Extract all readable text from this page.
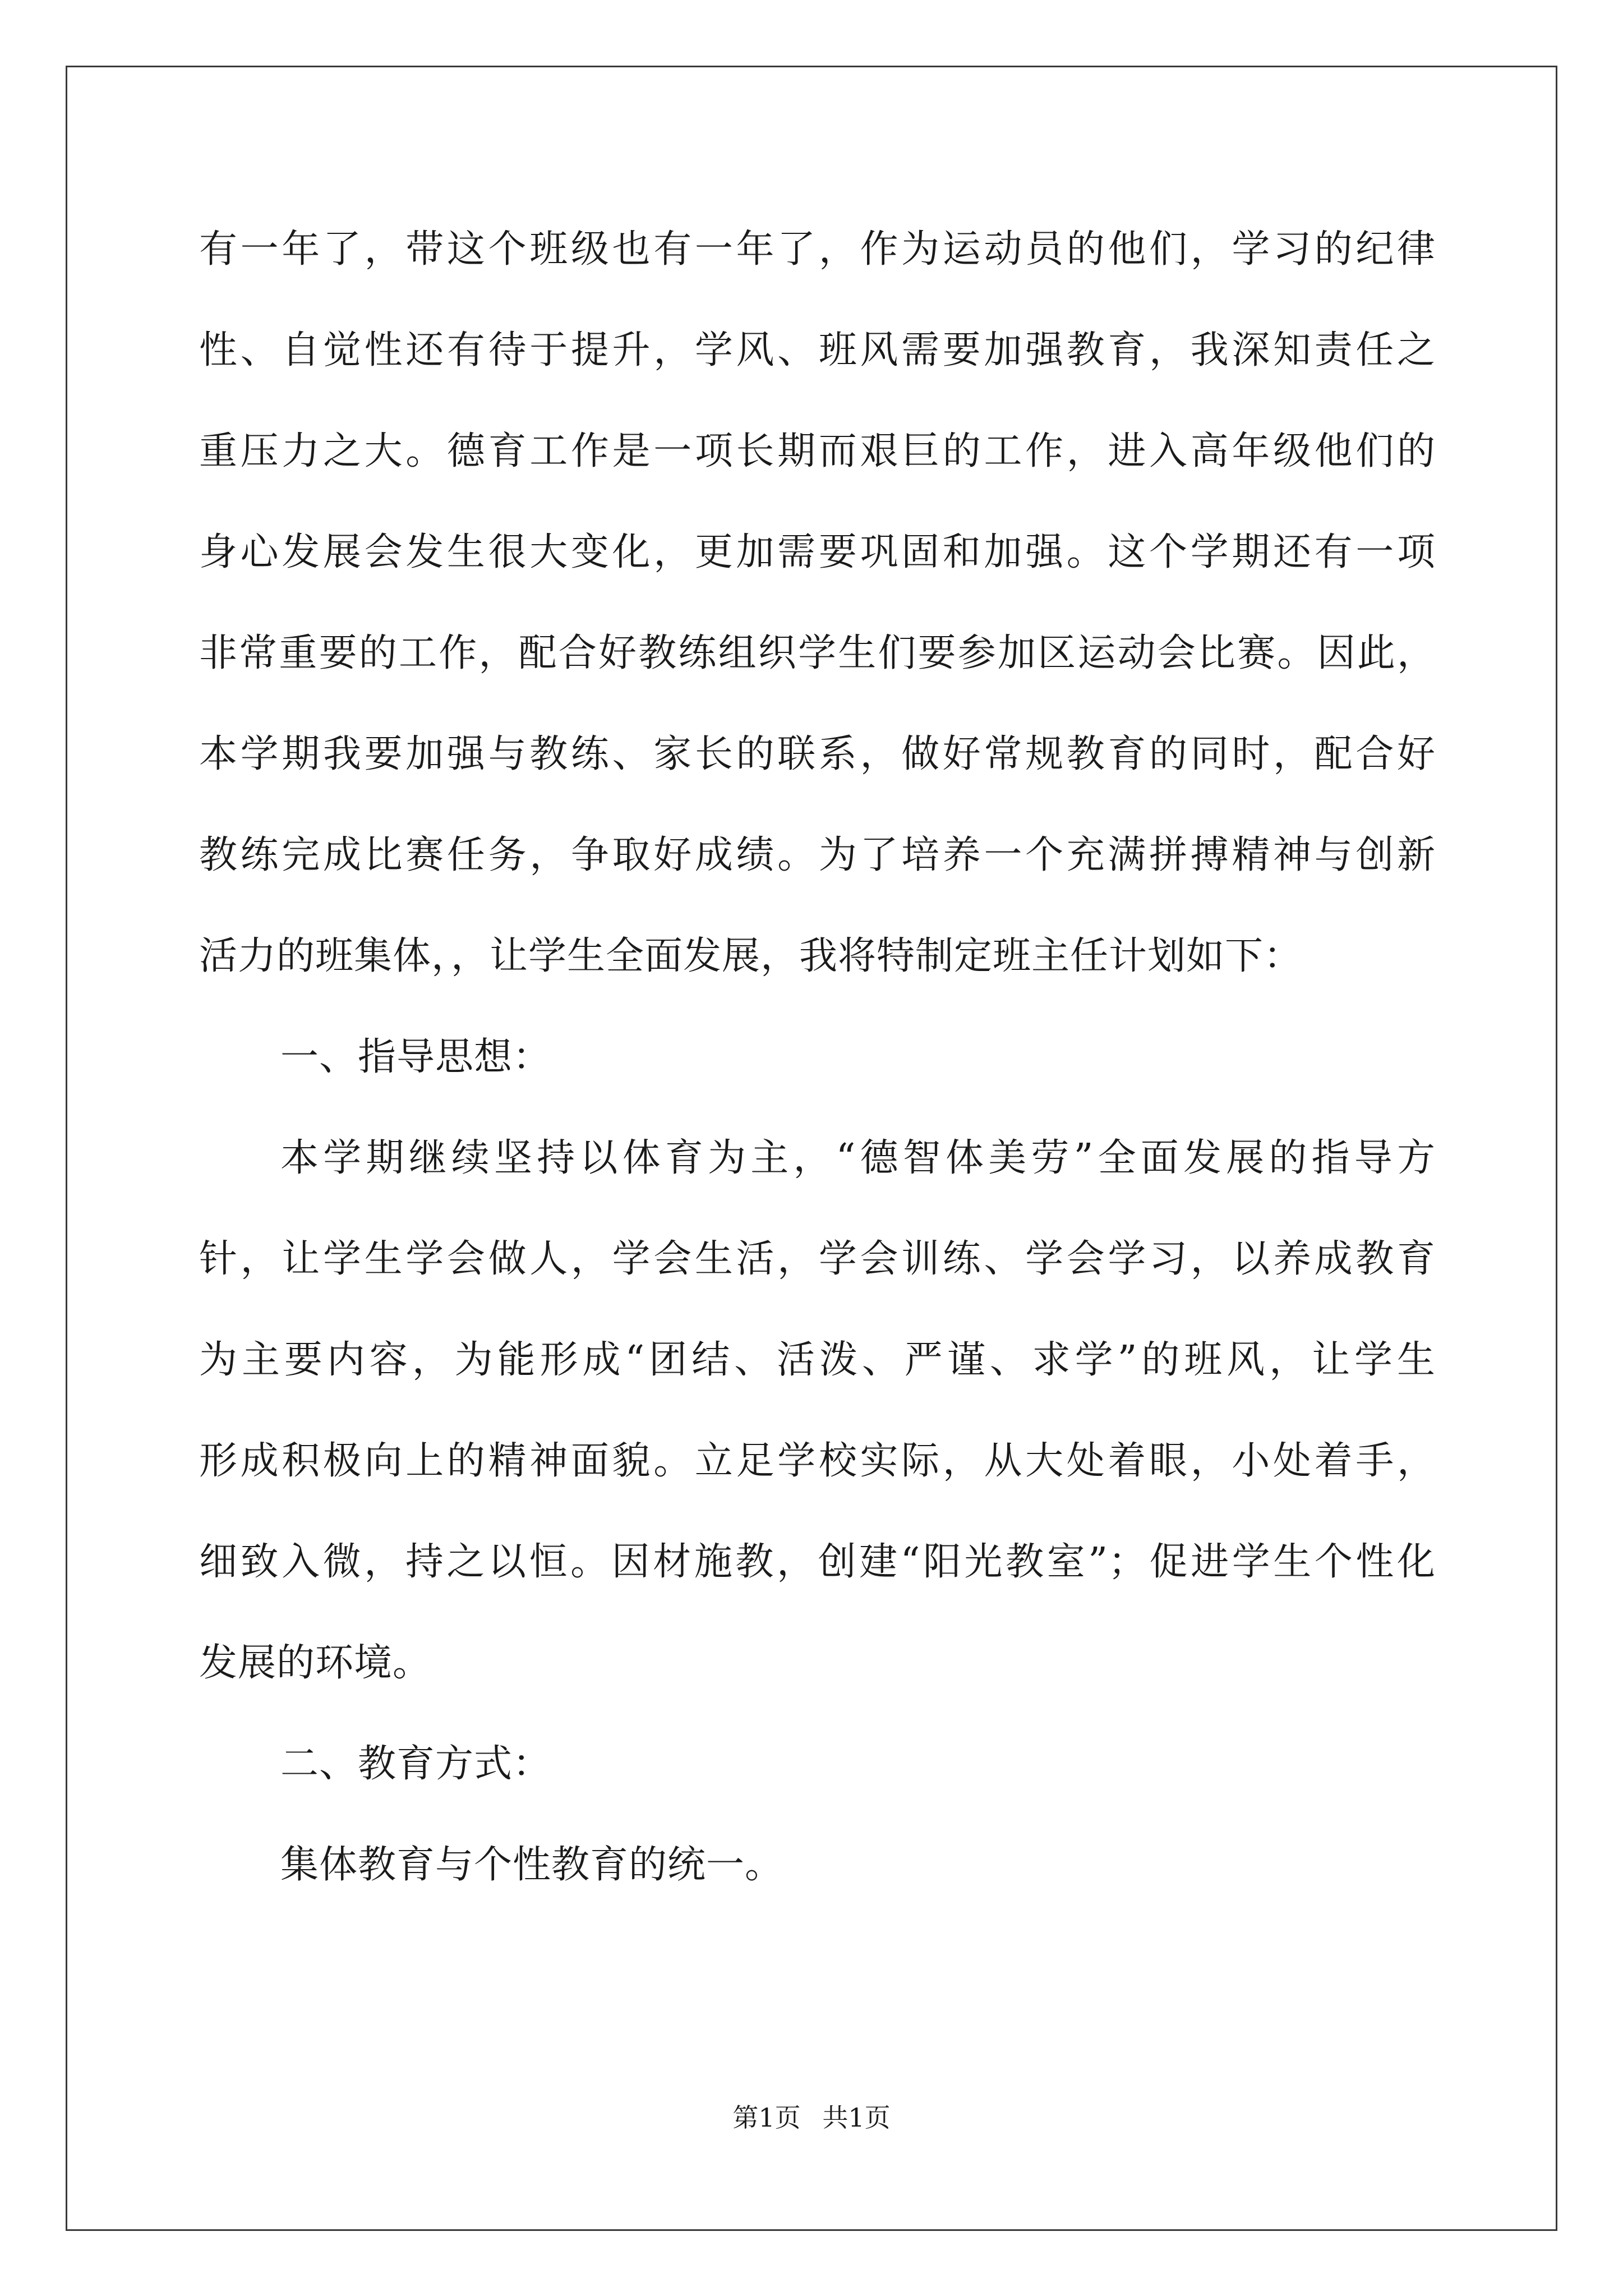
有一年了，带这个班级也有一年了，作为运动员的他们，学习的纪律
性、自觉性还有待于提升，学风、班风需要加强教育，我深知责任之
重压力之大。德育工作是一项长期而艰巨的工作，进入高年级他们的
身心发展会发生很大变化，更加需要巩固和加强。这个学期还有一项
非常重要的工作，配合好教练组织学生们要参加区运动会比赛。因此，
本学期我要加强与教练、家长的联系，做好常规教育的同时，配合好
教练完成比赛任务，争取好成绩。为了培养一个充满拼搏精神与创新
活力的班集体，，让学生全面发展，我将特制定班主任计划如下：
一、指导思想：
本学期继续坚持以体育为主，“德智体美劳”全面发展的指导方
针，让学生学会做人，学会生活，学会训练、学会学习，以养成教育
为主要内容，为能形成“团结、活泼、严谨、求学”的班风，让学生
形成积极向上的精神面貌。立足学校实际，从大处着眼，小处着手，
细致入微，持之以恒。因材施教，创建“阳光教室”；促进学生个性化
发展的环境。
二、教育方式：
集体教育与个性教育的统一。
第1页 共1页
